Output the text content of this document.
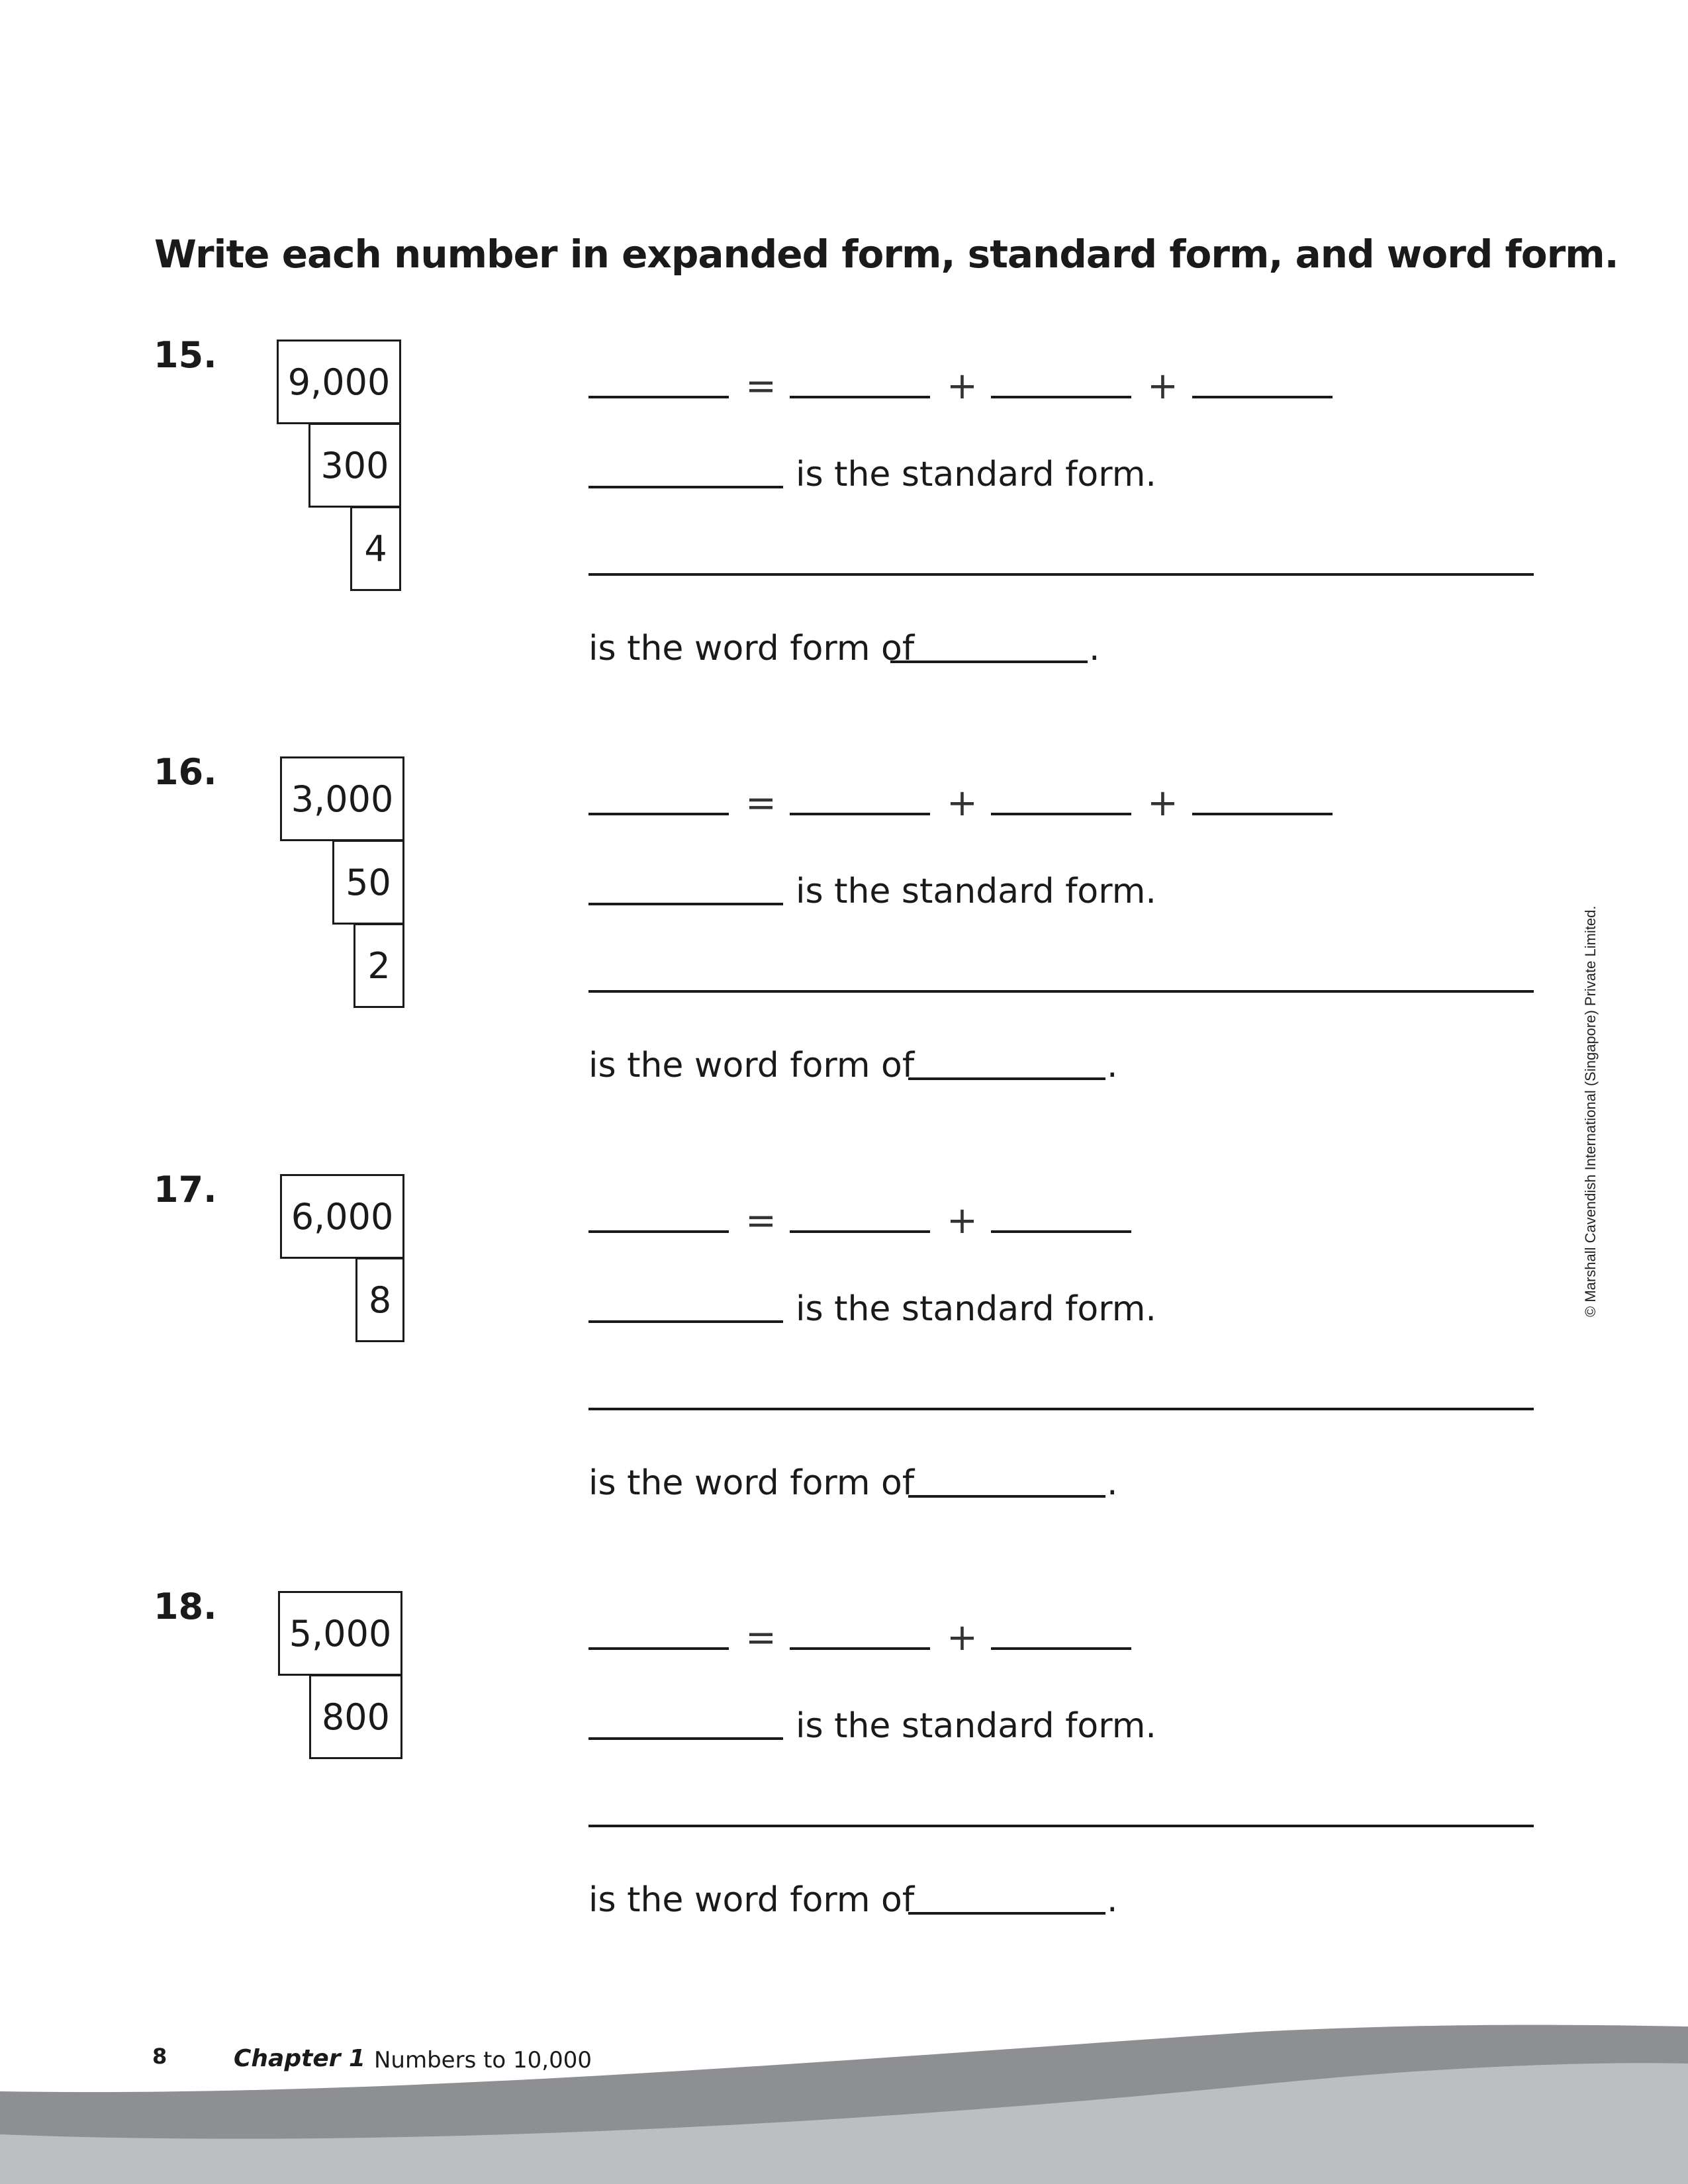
Write each number in expanded form, standard form, and word form.
15.
9,000
300
4
=	+	+
is the standard form.
is the word form of	.
16.
3,000
50
2
=	+	+
is the standard form.
is the word form of	.
17.
6,000
8
=	+
is the standard form.
is the word form of	.
18.
5,000
800
=	+
is the standard form.
is the word form of	.
© Marshall Cavendish International (Singapore) Private Limited.
8	Chapter 1 Numbers to 10,000
